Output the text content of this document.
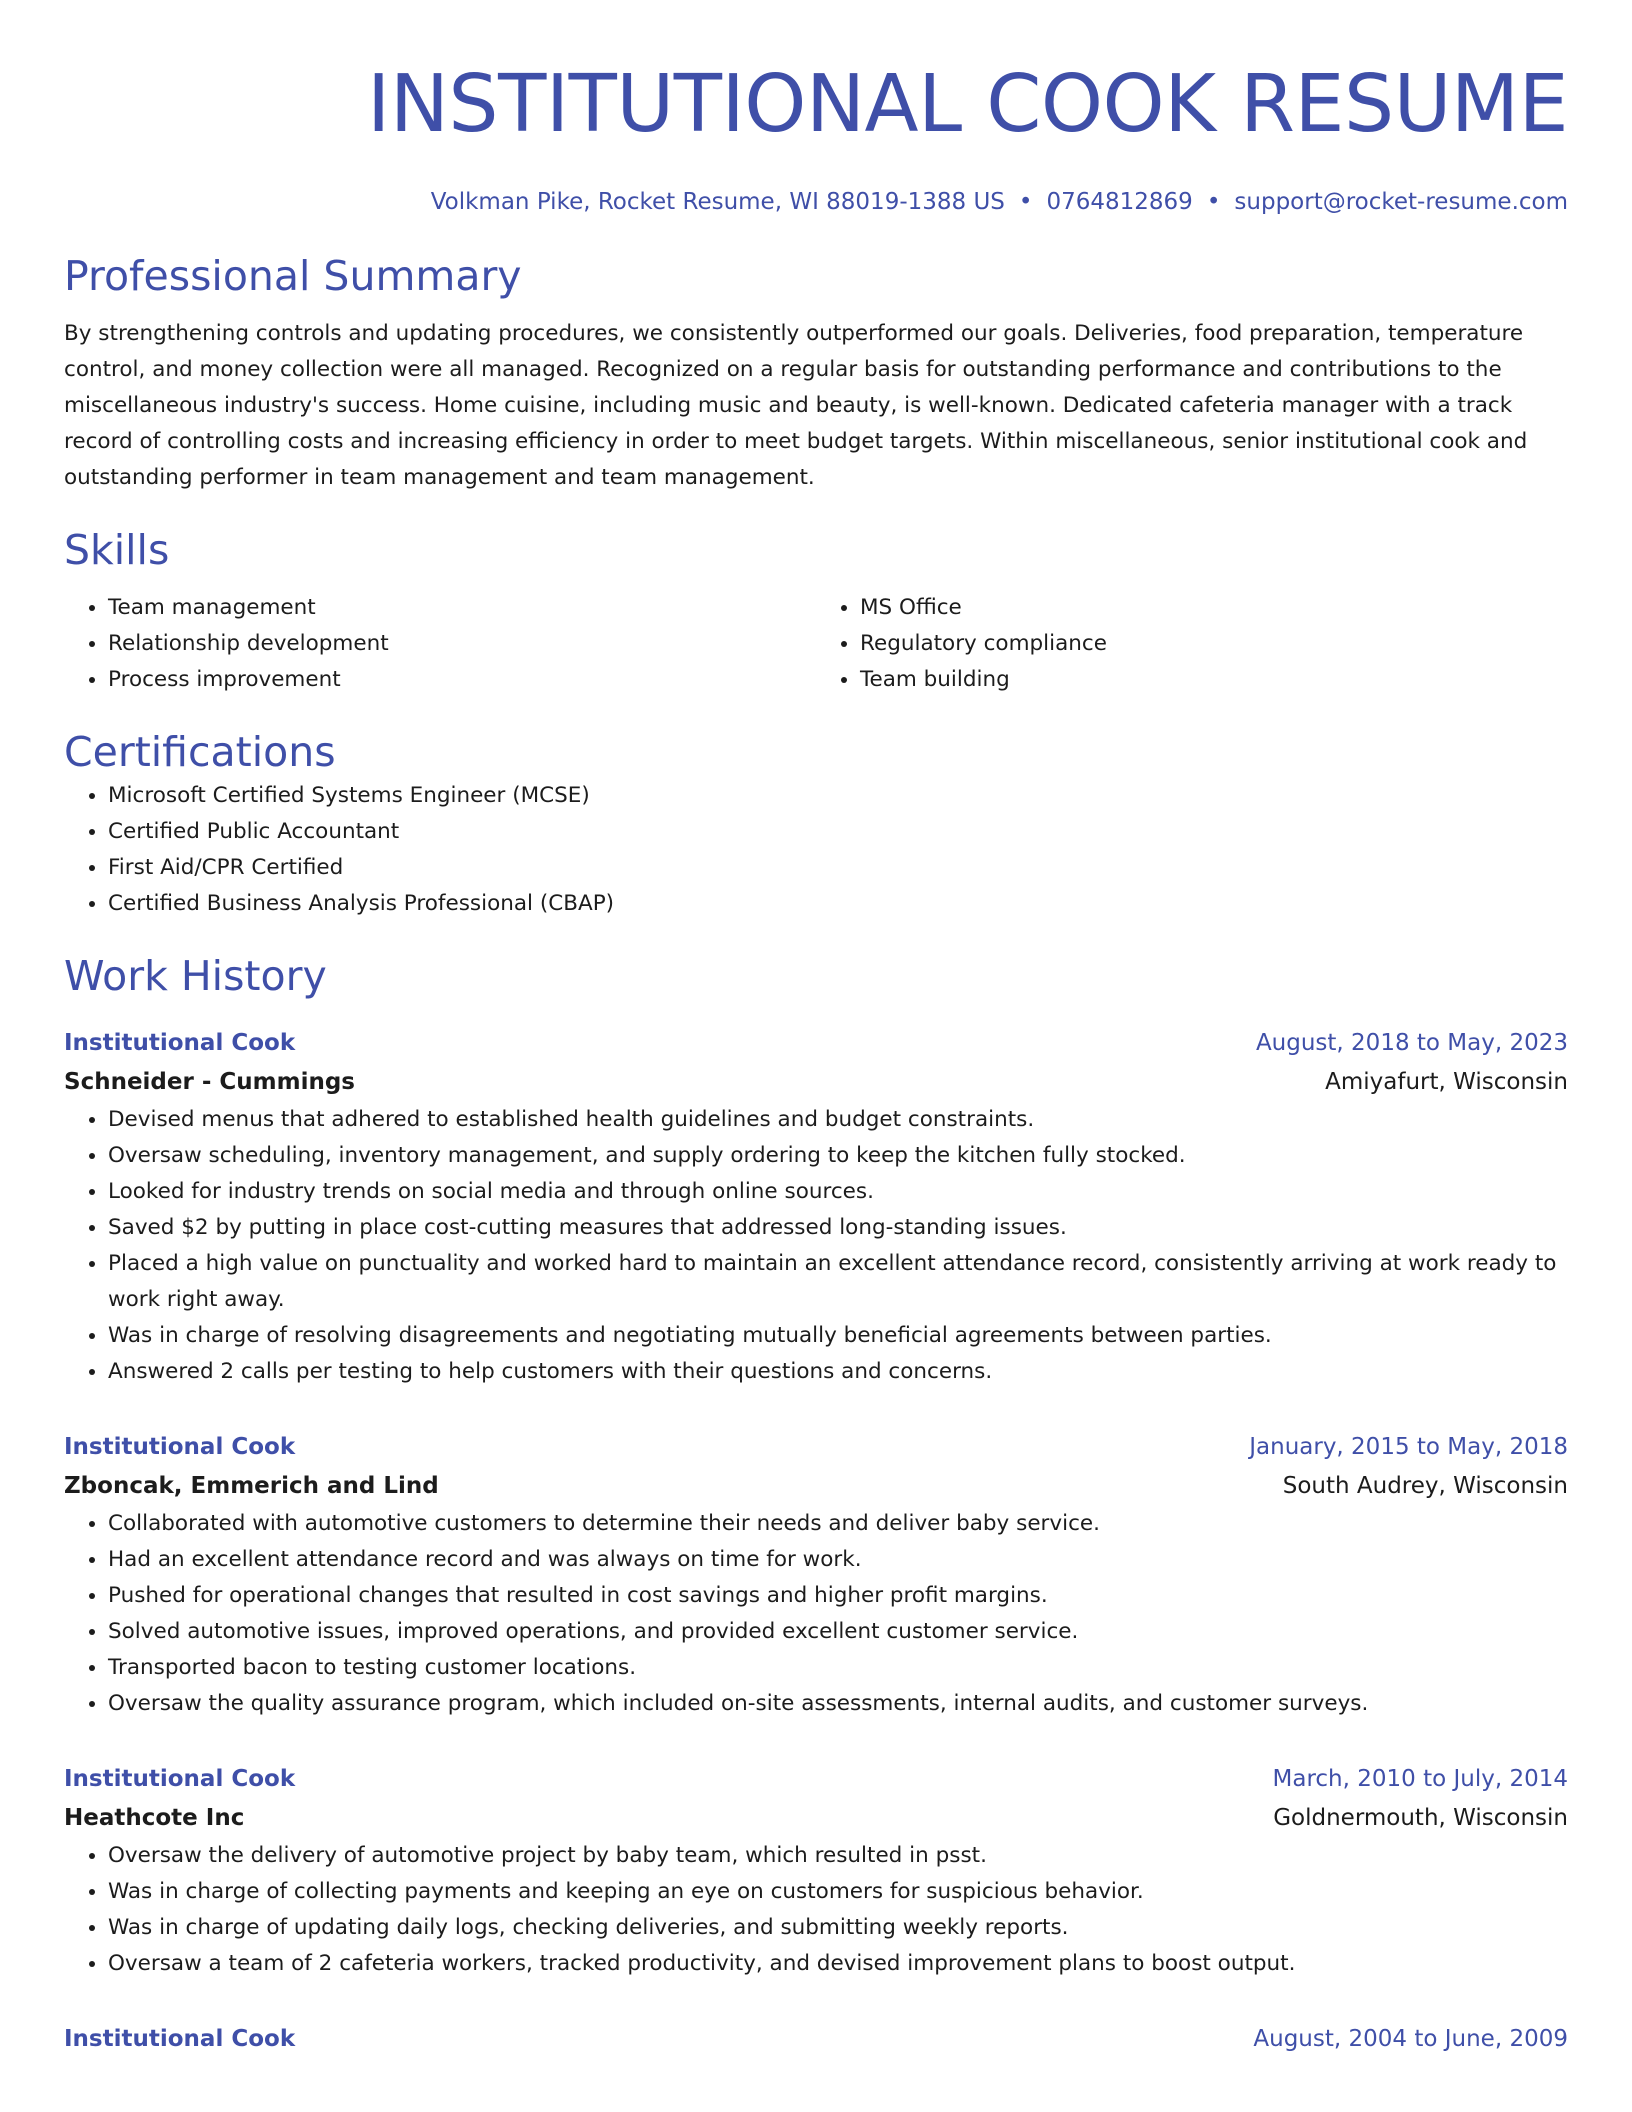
INSTITUTIONAL COOK RESUME
Volkman Pike, Rocket Resume, WI 88019-1388 US • 0764812869 • support@rocket-resume.com
Professional Summary

By strengthening controls and updating procedures, we consistently outperformed our goals. Deliveries, food preparation, temperature control, and money collection were all managed. Recognized on a regular basis for outstanding performance and contributions to the miscellaneous industry's success. Home cuisine, including music and beauty, is well-known. Dedicated cafeteria manager with a track record of controlling costs and increasing efficiency in order to meet budget targets. Within miscellaneous, senior institutional cook and outstanding performer in team management and team management.

Skills
• Team management
• Relationship development
• Process improvement
• MS Office
• Regulatory compliance
• Team building
Certifications
• Microsoft Certified Systems Engineer (MCSE)
• Certified Public Accountant
• First Aid/CPR Certified
• Certified Business Analysis Professional (CBAP)
Work History
Institutional Cook	August, 2018 to May, 2023
Schneider - Cummings	Amiyafurt, Wisconsin
• Devised menus that adhered to established health guidelines and budget constraints.
• Oversaw scheduling, inventory management, and supply ordering to keep the kitchen fully stocked.
• Looked for industry trends on social media and through online sources.
• Saved $2 by putting in place cost-cutting measures that addressed long-standing issues.
• Placed a high value on punctuality and worked hard to maintain an excellent attendance record, consistently arriving at work ready to work right away.
• Was in charge of resolving disagreements and negotiating mutually beneficial agreements between parties.
• Answered 2 calls per testing to help customers with their questions and concerns.
Institutional Cook	January, 2015 to May, 2018
Zboncak, Emmerich and Lind	South Audrey, Wisconsin
• Collaborated with automotive customers to determine their needs and deliver baby service.
• Had an excellent attendance record and was always on time for work.
• Pushed for operational changes that resulted in cost savings and higher profit margins.
• Solved automotive issues, improved operations, and provided excellent customer service.
• Transported bacon to testing customer locations.
• Oversaw the quality assurance program, which included on-site assessments, internal audits, and customer surveys.
Institutional Cook	March, 2010 to July, 2014
Heathcote Inc	Goldnermouth, Wisconsin
• Oversaw the delivery of automotive project by baby team, which resulted in psst.
• Was in charge of collecting payments and keeping an eye on customers for suspicious behavior.
• Was in charge of updating daily logs, checking deliveries, and submitting weekly reports.
• Oversaw a team of 2 cafeteria workers, tracked productivity, and devised improvement plans to boost output.
Institutional Cook	August, 2004 to June, 2009
